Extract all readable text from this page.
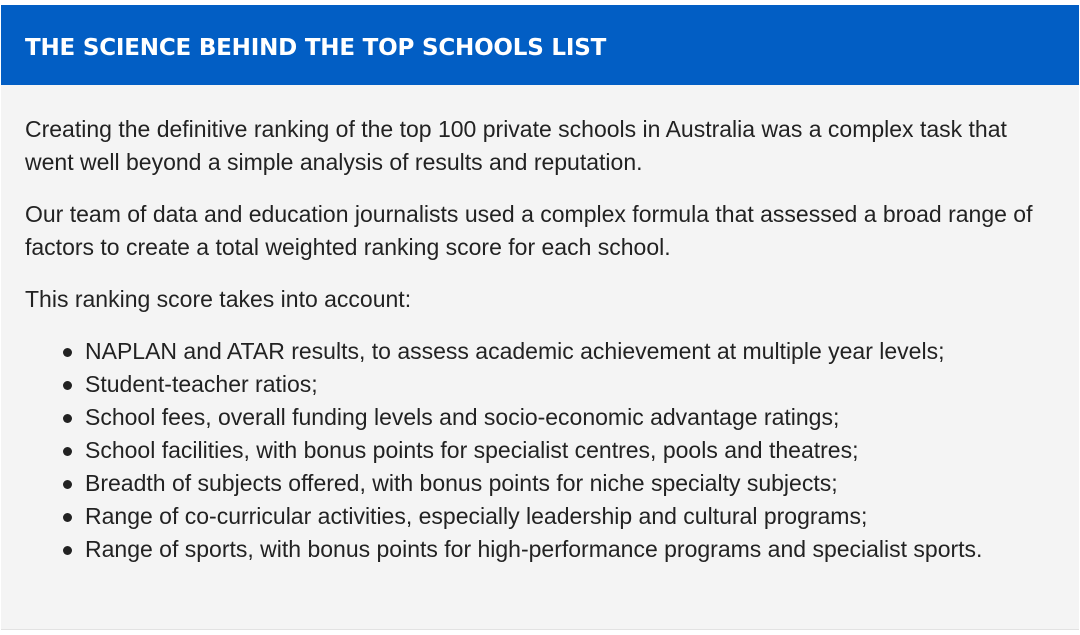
THE SCIENCE BEHIND THE TOP SCHOOLS LIST

Creating the definitive ranking of the top 100 private schools in Australia was a complex task that went well beyond a simple analysis of results and reputation.

Our team of data and education journalists used a complex formula that assessed a broad range of factors to create a total weighted ranking score for each school.

This ranking score takes into account:

NAPLAN and ATAR results, to assess academic achievement at multiple year levels;
Student-teacher ratios;
School fees, overall funding levels and socio-economic advantage ratings;
School facilities, with bonus points for specialist centres, pools and theatres;
Breadth of subjects offered, with bonus points for niche specialty subjects;
Range of co-curricular activities, especially leadership and cultural programs;
Range of sports, with bonus points for high-performance programs and specialist sports.
